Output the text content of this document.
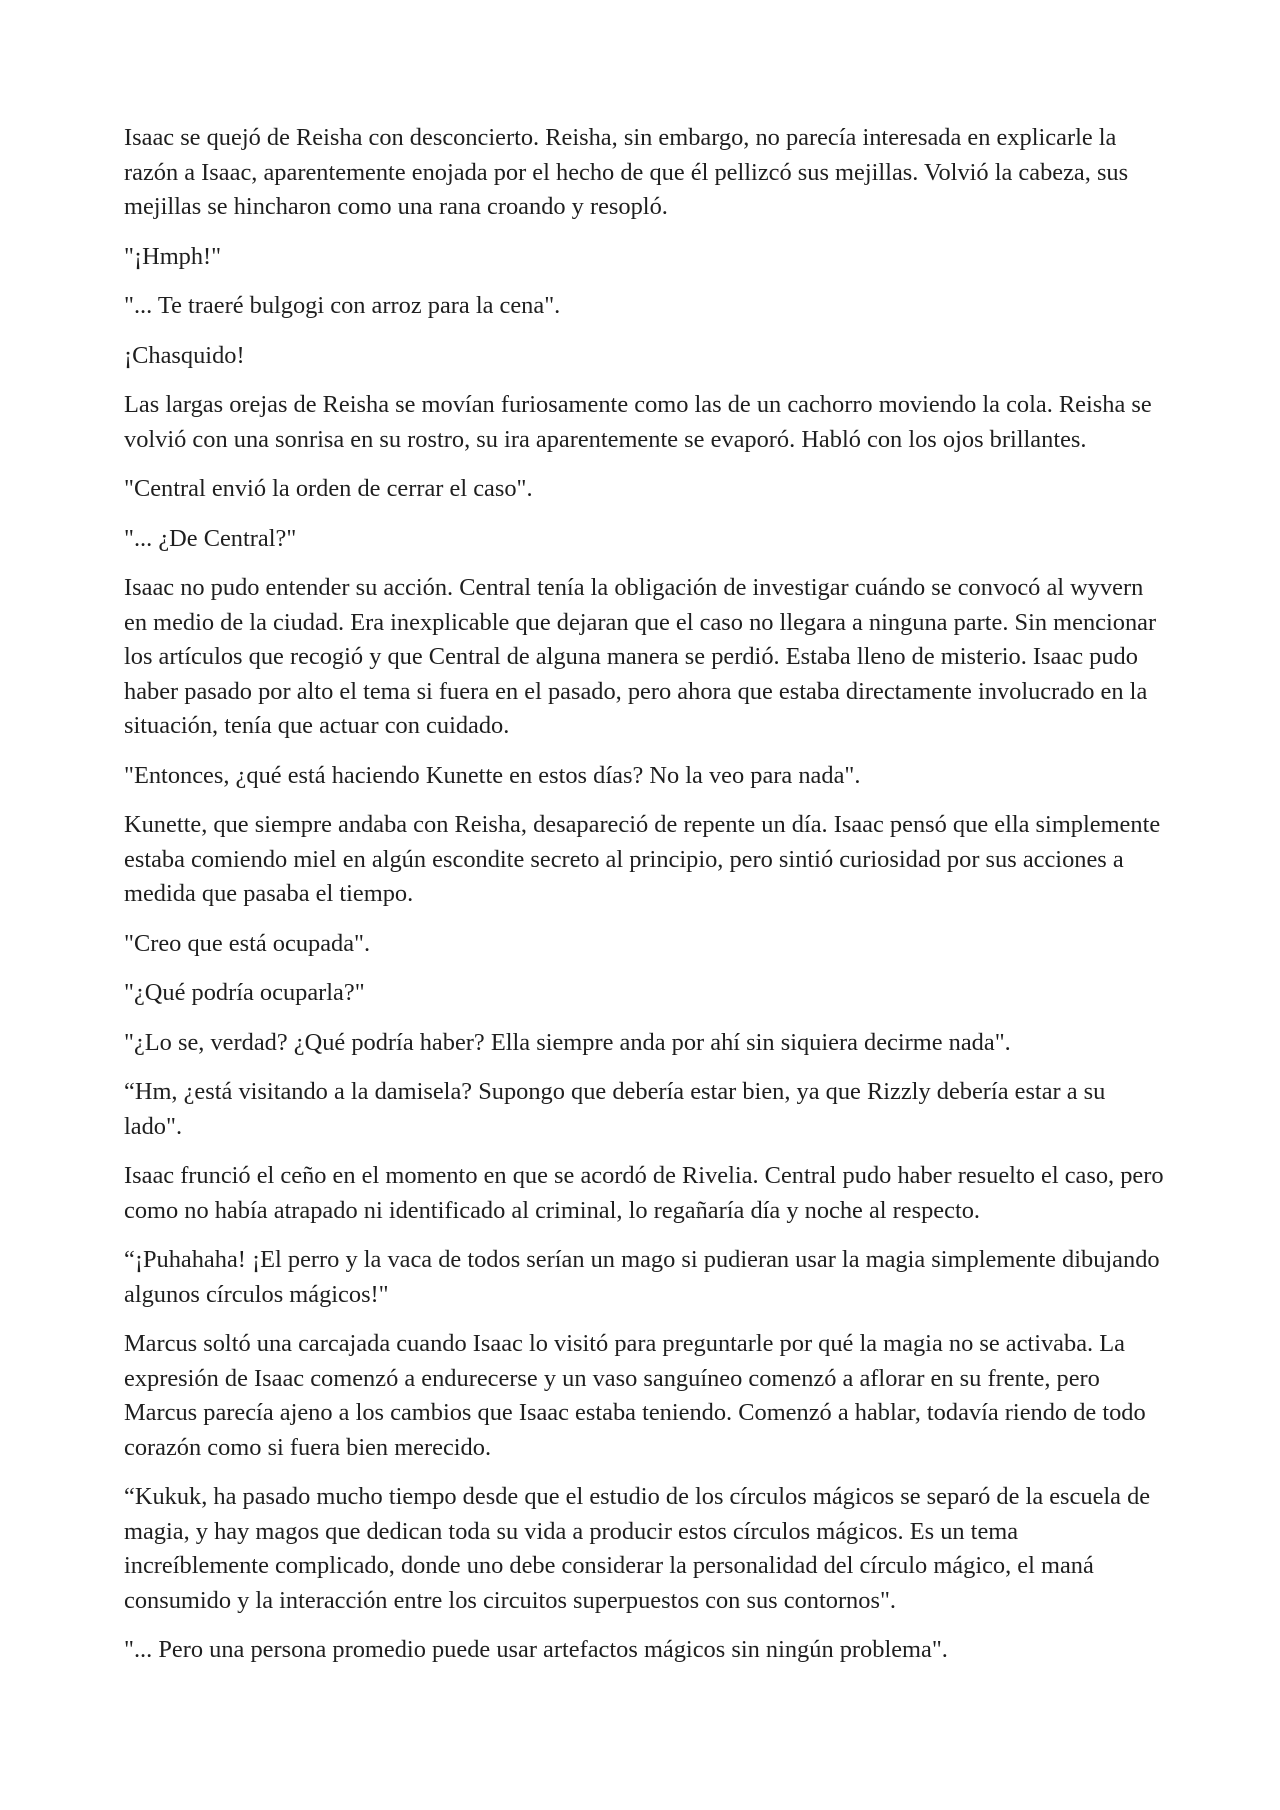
Isaac se quejó de Reisha con desconcierto. Reisha, sin embargo, no parecía interesada en explicarle la razón a Isaac, aparentemente enojada por el hecho de que él pellizcó sus mejillas. Volvió la cabeza, sus mejillas se hincharon como una rana croando y resopló.

"¡Hmph!"

"... Te traeré bulgogi con arroz para la cena".

¡Chasquido!

Las largas orejas de Reisha se movían furiosamente como las de un cachorro moviendo la cola. Reisha se volvió con una sonrisa en su rostro, su ira aparentemente se evaporó. Habló con los ojos brillantes.

"Central envió la orden de cerrar el caso".

"... ¿De Central?"

Isaac no pudo entender su acción. Central tenía la obligación de investigar cuándo se convocó al wyvern en medio de la ciudad. Era inexplicable que dejaran que el caso no llegara a ninguna parte. Sin mencionar los artículos que recogió y que Central de alguna manera se perdió. Estaba lleno de misterio. Isaac pudo haber pasado por alto el tema si fuera en el pasado, pero ahora que estaba directamente involucrado en la situación, tenía que actuar con cuidado.

"Entonces, ¿qué está haciendo Kunette en estos días? No la veo para nada".

Kunette, que siempre andaba con Reisha, desapareció de repente un día. Isaac pensó que ella simplemente estaba comiendo miel en algún escondite secreto al principio, pero sintió curiosidad por sus acciones a medida que pasaba el tiempo.

"Creo que está ocupada".

"¿Qué podría ocuparla?"

"¿Lo se, verdad? ¿Qué podría haber? Ella siempre anda por ahí sin siquiera decirme nada".

“Hm, ¿está visitando a la damisela? Supongo que debería estar bien, ya que Rizzly debería estar a su lado".

Isaac frunció el ceño en el momento en que se acordó de Rivelia. Central pudo haber resuelto el caso, pero como no había atrapado ni identificado al criminal, lo regañaría día y noche al respecto.

“¡Puhahaha! ¡El perro y la vaca de todos serían un mago si pudieran usar la magia simplemente dibujando algunos círculos mágicos!"

Marcus soltó una carcajada cuando Isaac lo visitó para preguntarle por qué la magia no se activaba. La expresión de Isaac comenzó a endurecerse y un vaso sanguíneo comenzó a aflorar en su frente, pero Marcus parecía ajeno a los cambios que Isaac estaba teniendo. Comenzó a hablar, todavía riendo de todo corazón como si fuera bien merecido.

“Kukuk, ha pasado mucho tiempo desde que el estudio de los círculos mágicos se separó de la escuela de magia, y hay magos que dedican toda su vida a producir estos círculos mágicos. Es un tema increíblemente complicado, donde uno debe considerar la personalidad del círculo mágico, el maná consumido y la interacción entre los circuitos superpuestos con sus contornos".

"... Pero una persona promedio puede usar artefactos mágicos sin ningún problema".
